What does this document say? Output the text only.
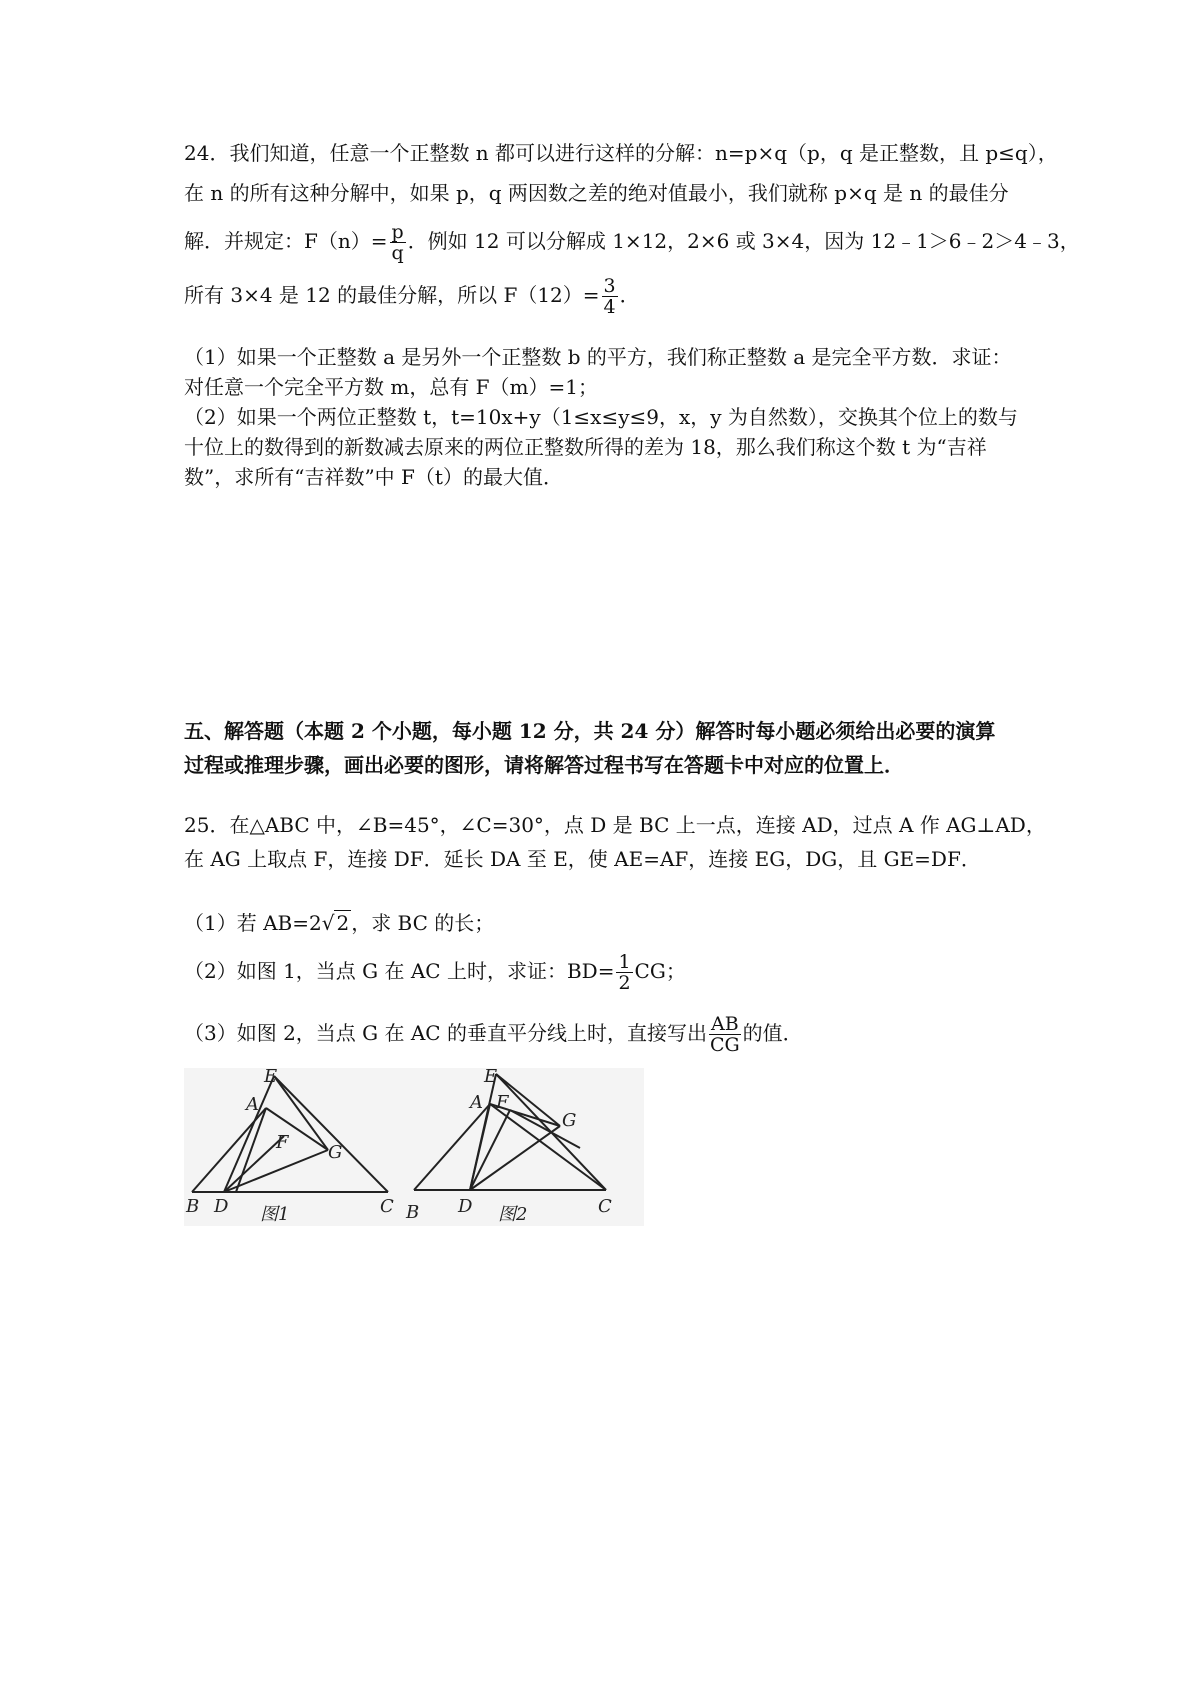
24．我们知道，任意一个正整数 n 都可以进行这样的分解：n=p×q（p，q 是正整数，且 p≤q），
在 n 的所有这种分解中，如果 p，q 两因数之差的绝对值最小，我们就称 p×q 是 n 的最佳分
解．并规定：$F(n)= \frac{p}{q}$ ．例如 12 可以分解成 1×12，2×6 或 3×4，因为 12﹣1＞6﹣2＞4﹣3，
所有 3×4 是 12 的最佳分解，所以 $F(12)= \frac{3}{4}$ ．
（1）如果一个正整数 a 是另外一个正整数 b 的平方，我们称正整数 a 是完全平方数．求证：
对任意一个完全平方数 m，总有 F（m）=1；
（2）如果一个两位正整数 t，t=10x+y（1≤x≤y≤9，x，y 为自然数），交换其个位上的数与
十位上的数得到的新数减去原来的两位正整数所得的差为 18，那么我们称这个数 t 为“吉祥
数”，求所有“吉祥数”中 F（t）的最大值．
五、解答题（本题 2 个小题，每小题 12 分，共 24 分）解答时每小题必须给出必要的演算
过程或推理步骤，画出必要的图形，请将解答过程书写在答题卡中对应的位置上．
25．在△ABC 中，∠B=45°，∠C=30°，点 D 是 BC 上一点，连接 AD，过点 A 作 AG⊥AD，
在 AG 上取点 F，连接 DF．延长 DA 至 E，使 AE=AF，连接 EG，DG，且 GE=DF．
（1）若 AB=2√ 2 ，求 BC 的长；
（2）如图 1，当点 G 在 AC 上时，求证：$BD= \frac{1}{2}$ CG；
（3）如图 2，当点 G 在 AC 的垂直平分线上时，直接写出 $\frac{AB}{CG}$ 的值．
E
A
F G
B D	C
图1
E
A F
G
B D	C
图2
